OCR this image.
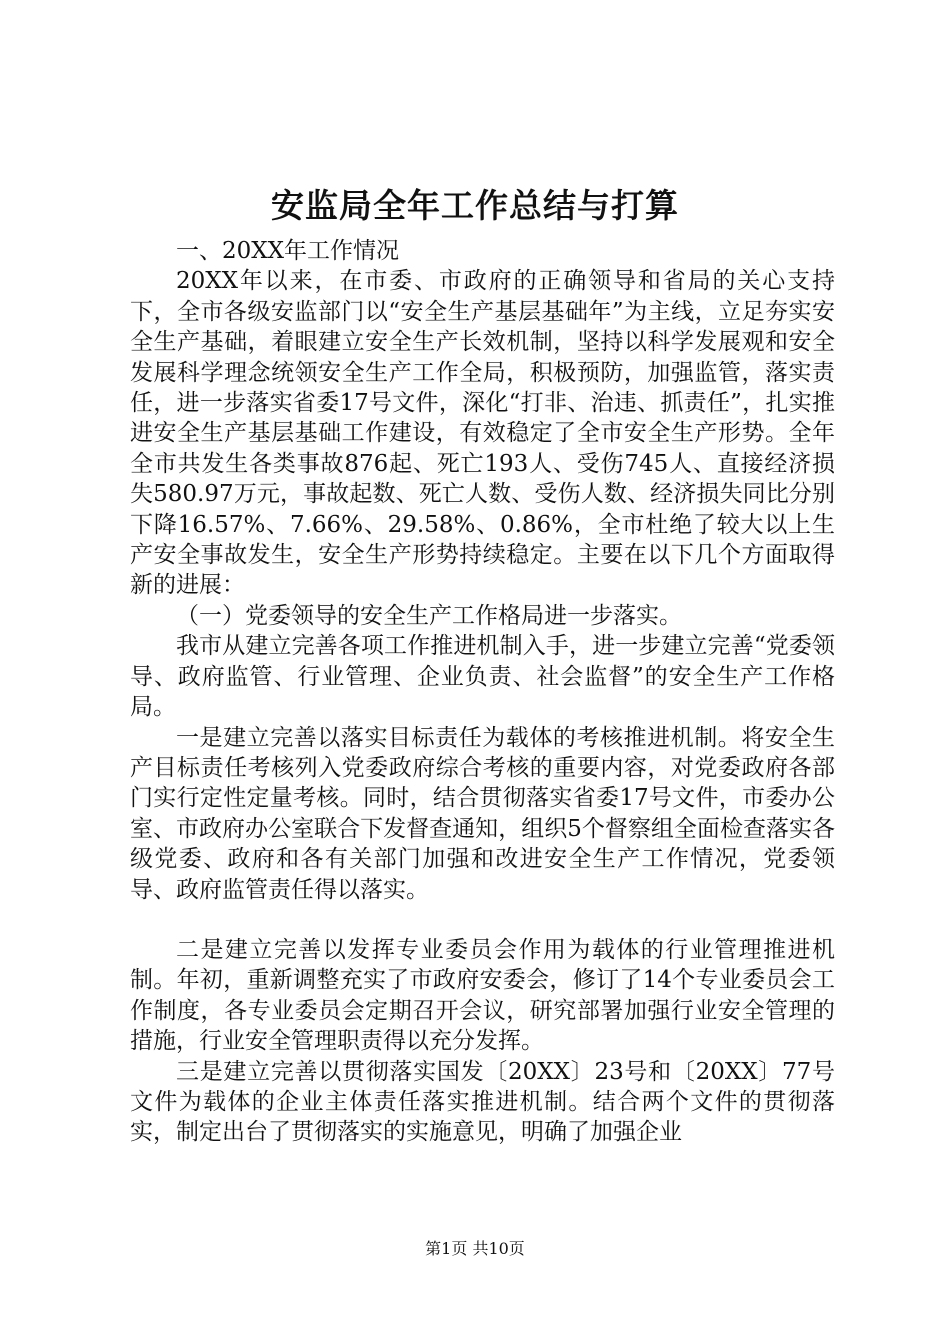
安监局全年工作总结与打算

一、20XX年工作情况

20XX年以来，在市委、市政府的正确领导和省局的关心支持下，全市各级安监部门以“安全生产基层基础年”为主线，立足夯实安全生产基础，着眼建立安全生产长效机制，坚持以科学发展观和安全发展科学理念统领安全生产工作全局，积极预防，加强监管，落实责任，进一步落实省委17号文件，深化“打非、治违、抓责任”，扎实推进安全生产基层基础工作建设，有效稳定了全市安全生产形势。全年全市共发生各类事故876起、死亡193人、受伤745人、直接经济损失580.97万元，事故起数、死亡人数、受伤人数、经济损失同比分别下降16.57%、7.66%、29.58%、0.86%，全市杜绝了较大以上生产安全事故发生，安全生产形势持续稳定。主要在以下几个方面取得新的进展：

（一）党委领导的安全生产工作格局进一步落实。

我市从建立完善各项工作推进机制入手，进一步建立完善“党委领导、政府监管、行业管理、企业负责、社会监督”的安全生产工作格局。

一是建立完善以落实目标责任为载体的考核推进机制。将安全生产目标责任考核列入党委政府综合考核的重要内容，对党委政府各部门实行定性定量考核。同时，结合贯彻落实省委17号文件，市委办公室、市政府办公室联合下发督查通知，组织5个督察组全面检查落实各级党委、政府和各有关部门加强和改进安全生产工作情况，党委领导、政府监管责任得以落实。

二是建立完善以发挥专业委员会作用为载体的行业管理推进机制。年初，重新调整充实了市政府安委会，修订了14个专业委员会工作制度，各专业委员会定期召开会议，研究部署加强行业安全管理的措施，行业安全管理职责得以充分发挥。

三是建立完善以贯彻落实国发〔20XX〕23号和〔20XX〕77号文件为载体的企业主体责任落实推进机制。结合两个文件的贯彻落实，制定出台了贯彻落实的实施意见，明确了加强企业

第1页 共10页
